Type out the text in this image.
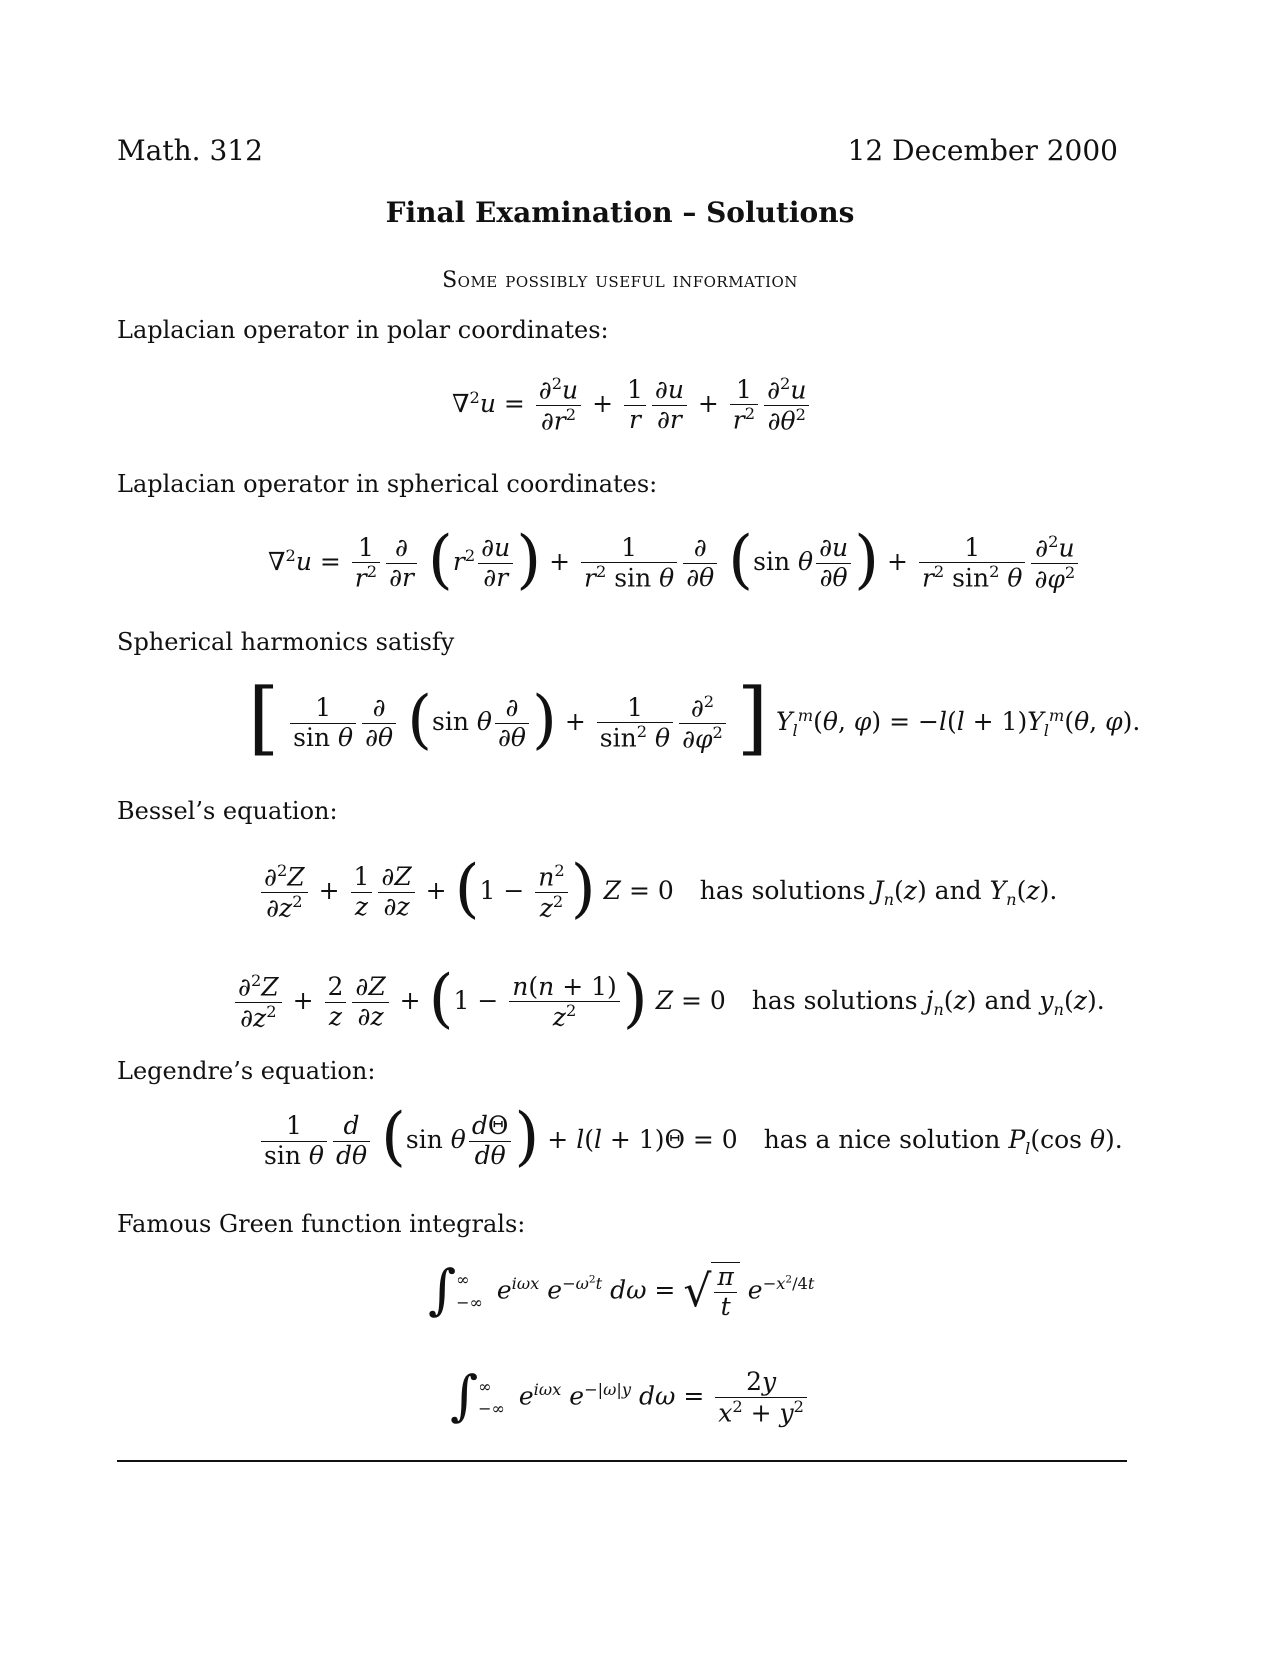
Math. 312	12 December 2000
Final Examination – Solutions
Some possibly useful information
Laplacian operator in polar coordinates:
$\nabla^2u = \frac{\partial^2u}{\partial r^2} + \frac{1}{r} \frac{\partial u}{\partial r} + \frac{1}{r^2} \frac{\partial^2u}{\partial\theta^2}$
Laplacian operator in spherical coordinates:
$\nabla^2u = \frac{1}{r^2} \frac{\partial}{\partial r} (r^2 \frac{\partial u}{\partial r}$ ) + $\frac{1}{r^2 \sin \theta} \frac{\partial}{\partial\theta} (\sin$ θ $\frac{\partial u}{\partial\theta}$ ) + $\frac{1}{r^2 \sin^2 \theta} \frac{\partial^2u}{\partial\varphi^2}$
Spherical harmonics satisfy
[ $\frac{1}{\text{sin θ}} \frac{\partial}{\partial\theta} (\sin$ θ $\frac{\partial}{\partial\theta}$ ) + $\frac{1}{\sin^2 \theta} \frac{\partial^2}{\partial\varphi^2}$ ] $Y_l^m(\theta$, $\varphi) = -l(l + 1)Y_l^m(\theta$, φ).
Bessel’s equation:
$\frac{\partial^2Z}{\partial z^2} + \frac{1}{z} \frac{\partial Z}{\partial z} + (1 - \frac{n^2}{z^2}$ ) Z = 0 has solutions $J_n(z)$ and $Y_n(z)$.
$\frac{\partial^2Z}{\partial z^2} + \frac{2}{z} \frac{\partial Z}{\partial z} + (1 - \frac{n(n + 1)}{z^2}$ ) Z = 0 has solutions $j_n(z)$ and $y_n(z)$.
Legendre’s equation:
$\frac{1}{\text{sin θ}} \frac{d}{d\theta} (\sin$ θ $\frac{d\Theta}{d\theta}$ ) + l(l + 1)Θ = 0 has a nice solution $P_l(\cos$ θ).
Famous Green function integrals:
∫ ∞
−∞ $e^{i\omega x}$ $e^{-\omega^2t}$ dω = √ $\frac{\pi}{t} e^{-x^2/4t}$
∫ ∞
−∞ $e^{i\omega x}$ $e^{-|\omega|y}$ $d\omega = \frac{2y}{x^2 + y^2}$
